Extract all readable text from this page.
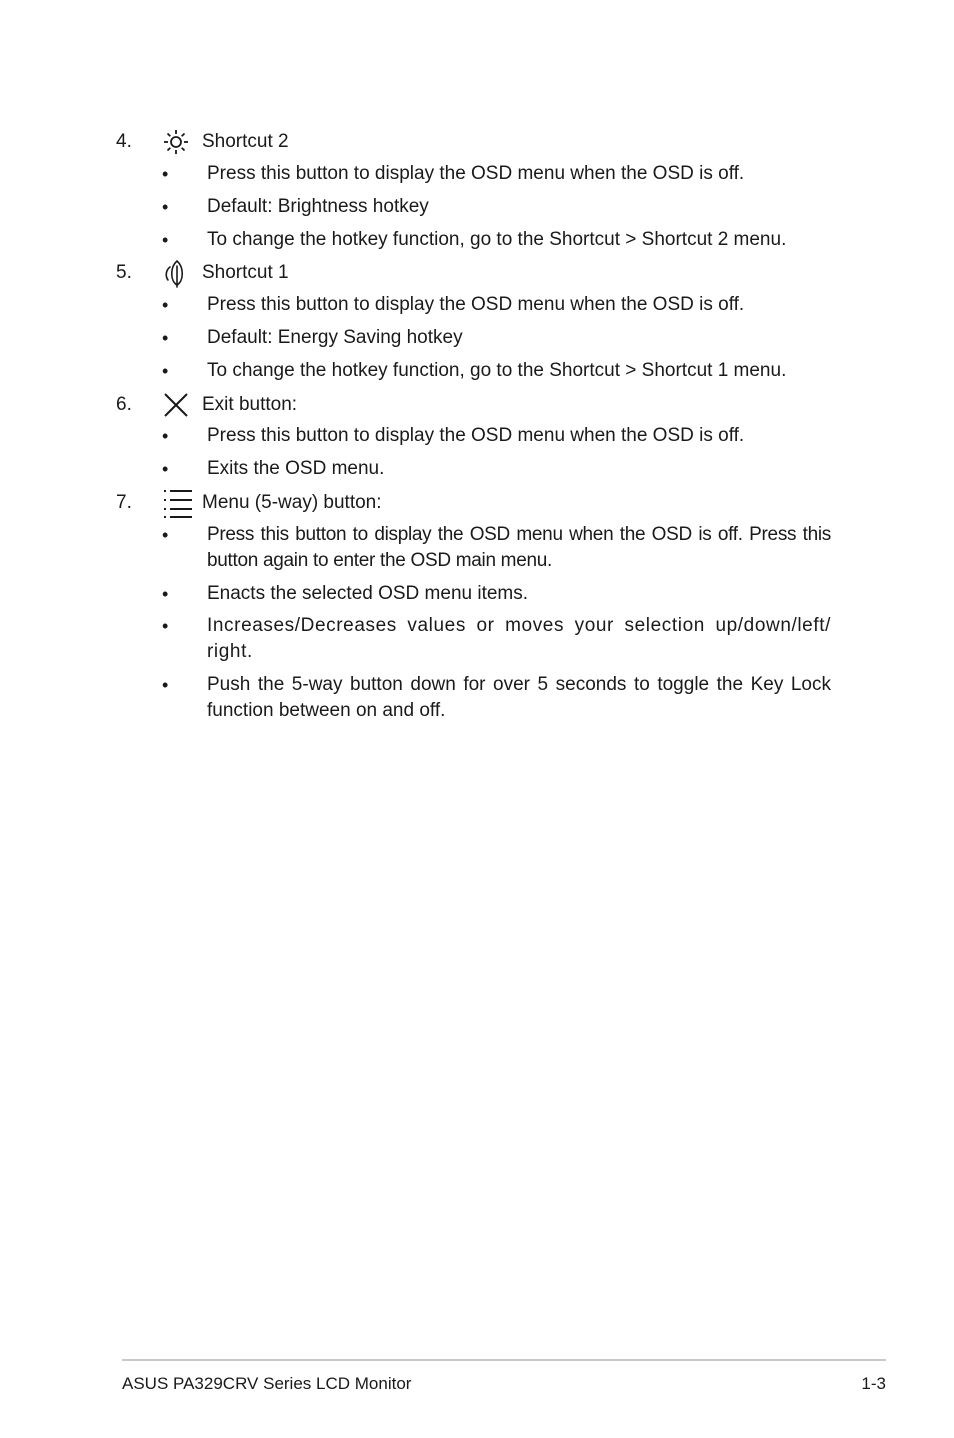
4.	Shortcut 2
• Press this button to display the OSD menu when the OSD is off.
• Default: Brightness hotkey
• To change the hotkey function, go to the Shortcut > Shortcut 2 menu.
5.	Shortcut 1
• Press this button to display the OSD menu when the OSD is off.
• Default: Energy Saving hotkey
• To change the hotkey function, go to the Shortcut > Shortcut 1 menu.
6.	Exit button:
• Press this button to display the OSD menu when the OSD is off.
• Exits the OSD menu.
7.	Menu (5-way) button:
• Press this button to display the OSD menu when the OSD is off. Press this button again to enter the OSD main menu.
• Enacts the selected OSD menu items.
• Increases/Decreases values or moves your selection up/down/left/ right.
• Push the 5-way button down for over 5 seconds to toggle the Key Lock function between on and off.
ASUS PA329CRV Series LCD Monitor	1-3
